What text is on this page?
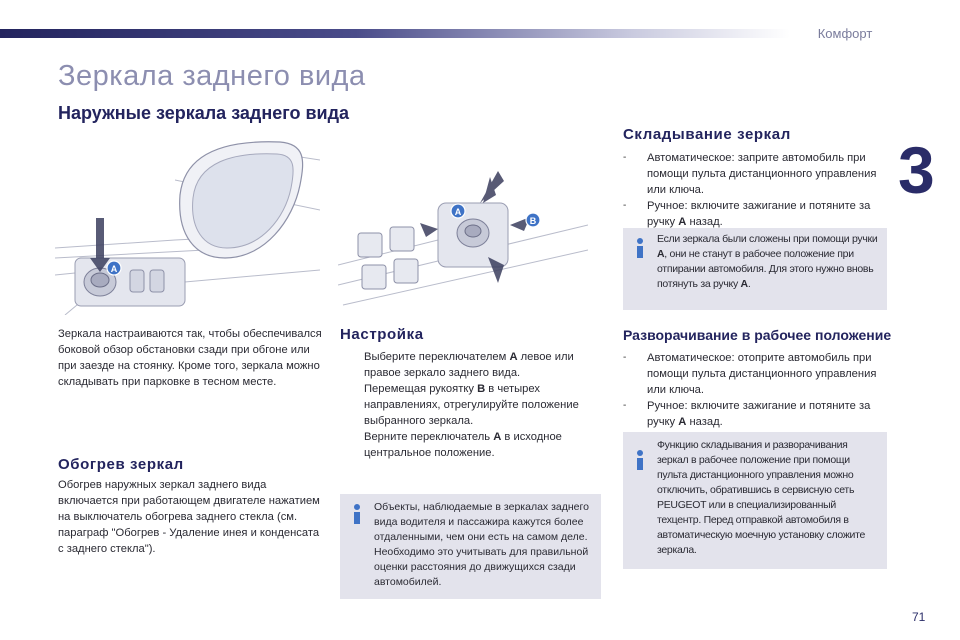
Комфорт
3
71
Зеркала заднего вида
Наружные зеркала заднего вида
A
A
B
Зеркала настраиваются так, чтобы обеспечивался боковой обзор обстановки сзади при обгоне или при заезде на стоянку. Кроме того, зеркала можно складывать при парковке в тесном месте.
Обогрев зеркал
Обогрев наружных зеркал заднего вида включается при работающем двигателе нажатием на выключатель обогрева заднего стекла (см. параграф "Обогрев - Удаление инея и конденсата с заднего стекла").
Настройка
Выберите переключателем A левое или правое зеркало заднего вида.
Перемещая рукоятку B в четырех направлениях, отрегулируйте положение выбранного зеркала.
Верните переключатель A в исходное центральное положение.
Объекты, наблюдаемые в зеркалах заднего вида водителя и пассажира кажутся более отдаленными, чем они есть на самом деле. Необходимо это учитывать для правильной оценки расстояния до движущихся сзади автомобилей.
Складывание зеркал
- Автоматическое: заприте автомобиль при помощи пульта дистанционного управления или ключа.
- Ручное: включите зажигание и потяните за ручку A назад.
Если зеркала были сложены при помощи ручки A, они не станут в рабочее положение при отпирании автомобиля. Для этого нужно вновь потянуть за ручку A.
Разворачивание в рабочее положение
- Автоматическое: отоприте автомобиль при помощи пульта дистанционного управления или ключа.
- Ручное: включите зажигание и потяните за ручку A назад.
Функцию складывания и разворачивания зеркал в рабочее положение при помощи пульта дистанционного управления можно отключить, обратившись в сервисную сеть PEUGEOT или в специализированный техцентр. Перед отправкой автомобиля в автоматическую моечную установку сложите зеркала.
